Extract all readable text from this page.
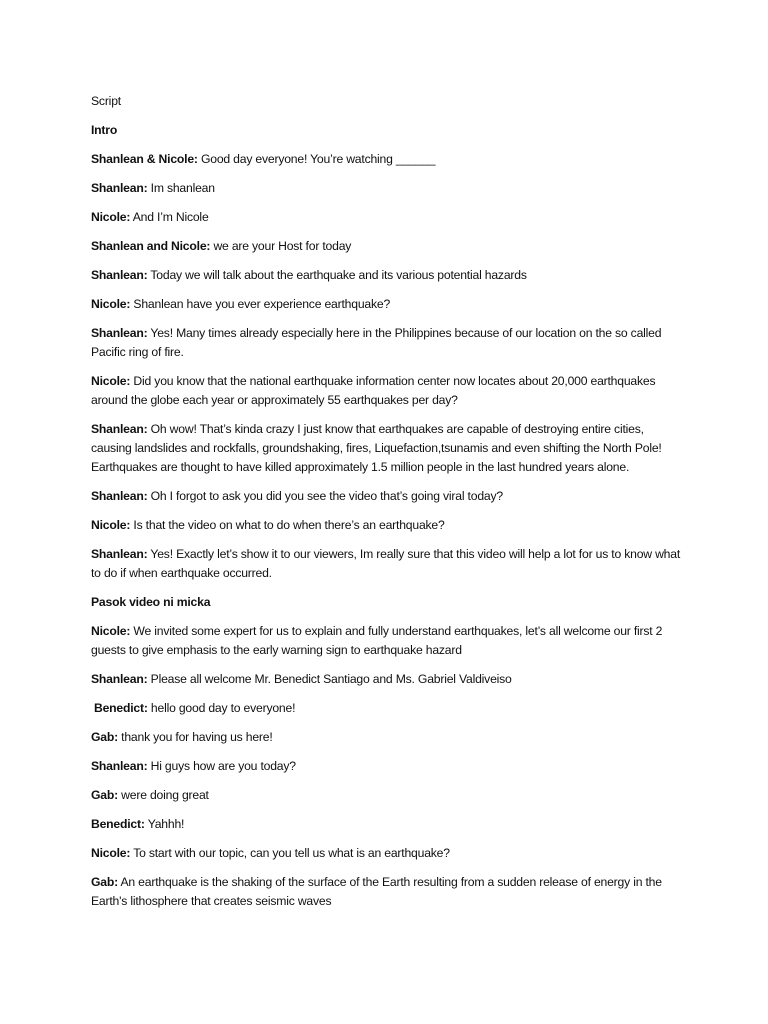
Script
Intro
Shanlean & Nicole: Good day everyone! You’re watching ______
Shanlean: Im shanlean
Nicole: And I’m Nicole
Shanlean and Nicole: we are your Host for today
Shanlean: Today we will talk about the earthquake and its various potential hazards
Nicole: Shanlean have you ever experience earthquake?
Shanlean: Yes! Many times already especially here in the Philippines because of our location on the so called Pacific ring of fire.
Nicole: Did you know that the national earthquake information center now locates about 20,000 earthquakes around the globe each year or approximately 55 earthquakes per day?
Shanlean: Oh wow! That’s kinda crazy I just know that earthquakes are capable of destroying entire cities, causing landslides and rockfalls, groundshaking, fires, Liquefaction,tsunamis and even shifting the North Pole! Earthquakes are thought to have killed approximately 1.5 million people in the last hundred years alone.
Shanlean: Oh I forgot to ask you did you see the video that’s going viral today?
Nicole: Is that the video on what to do when there’s an earthquake?
Shanlean: Yes! Exactly let’s show it to our viewers, Im really sure that this video will help a lot for us to know what to do if when earthquake occurred.
Pasok video ni micka
Nicole: We invited some expert for us to explain and fully understand earthquakes, let’s all welcome our first 2 guests to give emphasis to the early warning sign to earthquake hazard
Shanlean: Please all welcome Mr. Benedict Santiago and Ms. Gabriel Valdiveiso
Benedict: hello good day to everyone!
Gab: thank you for having us here!
Shanlean: Hi guys how are you today?
Gab: were doing great
Benedict: Yahhh!
Nicole: To start with our topic, can you tell us what is an earthquake?
Gab: An earthquake is the shaking of the surface of the Earth resulting from a sudden release of energy in the Earth's lithosphere that creates seismic waves
